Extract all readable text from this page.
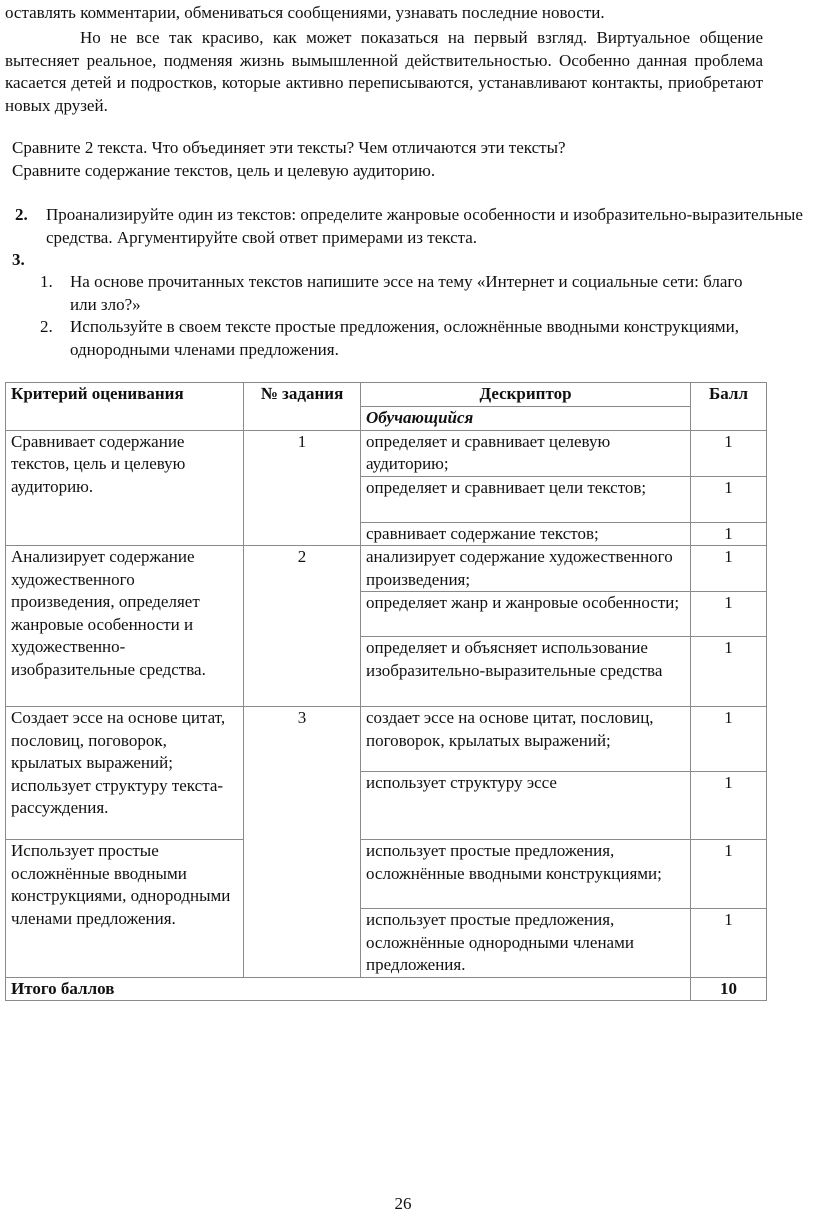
оставлять комментарии, обмениваться сообщениями, узнавать последние новости.

Но не все так красиво, как может показаться на первый взгляд. Виртуальное общение вытесняет реальное, подменяя жизнь вымышленной действительностью. Особенно данная проблема касается детей и подростков, которые активно переписываются, устанавливают контакты, приобретают новых друзей.

Сравните 2 текста. Что объединяет эти тексты? Чем отличаются эти тексты?
Сравните содержание текстов, цель и целевую аудиторию.
2. Проанализируйте один из текстов: определите жанровые особенности и изобразительно-выразительные средства. Аргументируйте свой ответ примерами из текста.
3.
1. На основе прочитанных текстов напишите эссе на тему «Интернет и социальные сети: благо или зло?»
2. Используйте в своем тексте простые предложения, осложнённые вводными конструкциями, однородными членами предложения.
Критерий оценивания	№ задания	Дескриптор	Балл
		Обучающийся	
Сравнивает содержание текстов, цель и целевую аудиторию.	1	определяет и сравнивает целевую аудиторию;	1
		определяет и сравнивает цели текстов;	1
		сравнивает содержание текстов;	1
Анализирует содержание художественного произведения, определяет жанровые особенности и художественно-изобразительные средства.	2	анализирует содержание художественного произведения;	1
		определяет жанр и жанровые особенности;	1
		определяет и объясняет использование изобразительно-выразительные средства	1
Создает эссе на основе цитат, пословиц, поговорок, крылатых выражений; использует структуру текста-рассуждения.	3	создает эссе на основе цитат, пословиц, поговорок, крылатых выражений;	1
		использует структуру эссе	1
Использует простые осложнённые вводными конструкциями, однородными членами предложения.		использует простые предложения, осложнённые вводными конструкциями;	1
		использует простые предложения, осложнённые однородными членами предложения.	1
Итого баллов			10
26
